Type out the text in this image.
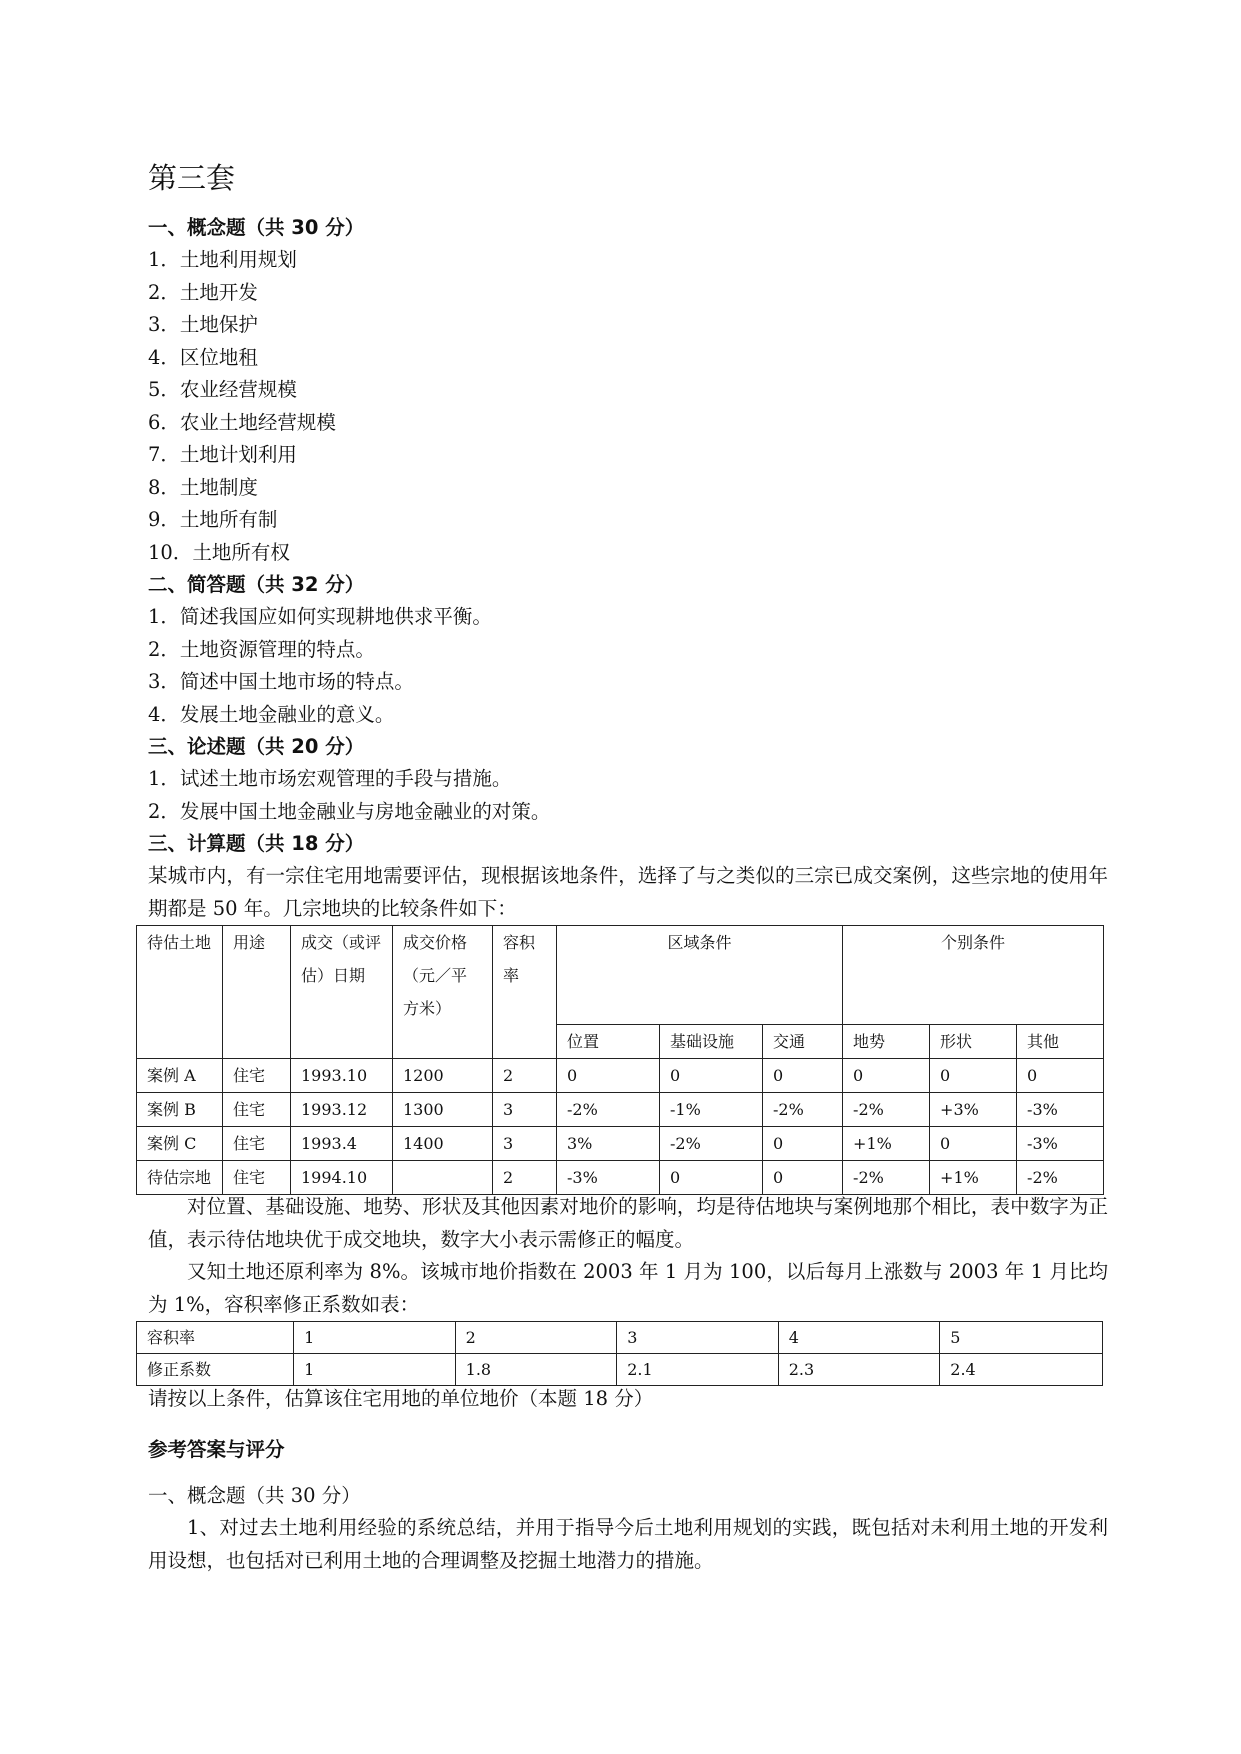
第三套
一、概念题（共 30 分）
1．土地利用规划
2．土地开发
3．土地保护
4．区位地租
5．农业经营规模
6．农业土地经营规模
7．土地计划利用
8．土地制度
9．土地所有制
10．土地所有权
二、简答题（共 32 分）
1．简述我国应如何实现耕地供求平衡。
2．土地资源管理的特点。
3．简述中国土地市场的特点。
4．发展土地金融业的意义。
三、论述题（共 20 分）
1．试述土地市场宏观管理的手段与措施。
2．发展中国土地金融业与房地金融业的对策。
三、计算题（共 18 分）
某城市内，有一宗住宅用地需要评估，现根据该地条件，选择了与之类似的三宗已成交案例，这些宗地的使用年期都是 50 年。几宗地块的比较条件如下：
待估土地	用途	成交（或评估）日期	成交价格（元／平方米）	容积率	区域条件			个别条件		
					位置	基础设施	交通	地势	形状	其他
案例 A	住宅	1993.10	1200	2	0	0	0	0	0	0
案例 B	住宅	1993.12	1300	3	-2%	-1%	-2%	-2%	+3%	-3%
案例 C	住宅	1993.4	1400	3	3%	-2%	0	+1%	0	-3%
待估宗地	住宅	1994.10		2	-3%	0	0	-2%	+1%	-2%
对位置、基础设施、地势、形状及其他因素对地价的影响，均是待估地块与案例地那个相比，表中数字为正值，表示待估地块优于成交地块，数字大小表示需修正的幅度。
又知土地还原利率为 8%。该城市地价指数在 2003 年 1 月为 100，以后每月上涨数与 2003 年 1 月比均为 1%，容积率修正系数如表：
容积率	1	2	3	4	5
修正系数	1	1.8	2.1	2.3	2.4
请按以上条件，估算该住宅用地的单位地价（本题 18 分）
参考答案与评分
一、概念题（共 30 分）
1、对过去土地利用经验的系统总结，并用于指导今后土地利用规划的实践，既包括对未利用土地的开发利用设想，也包括对已利用土地的合理调整及挖掘土地潜力的措施。
